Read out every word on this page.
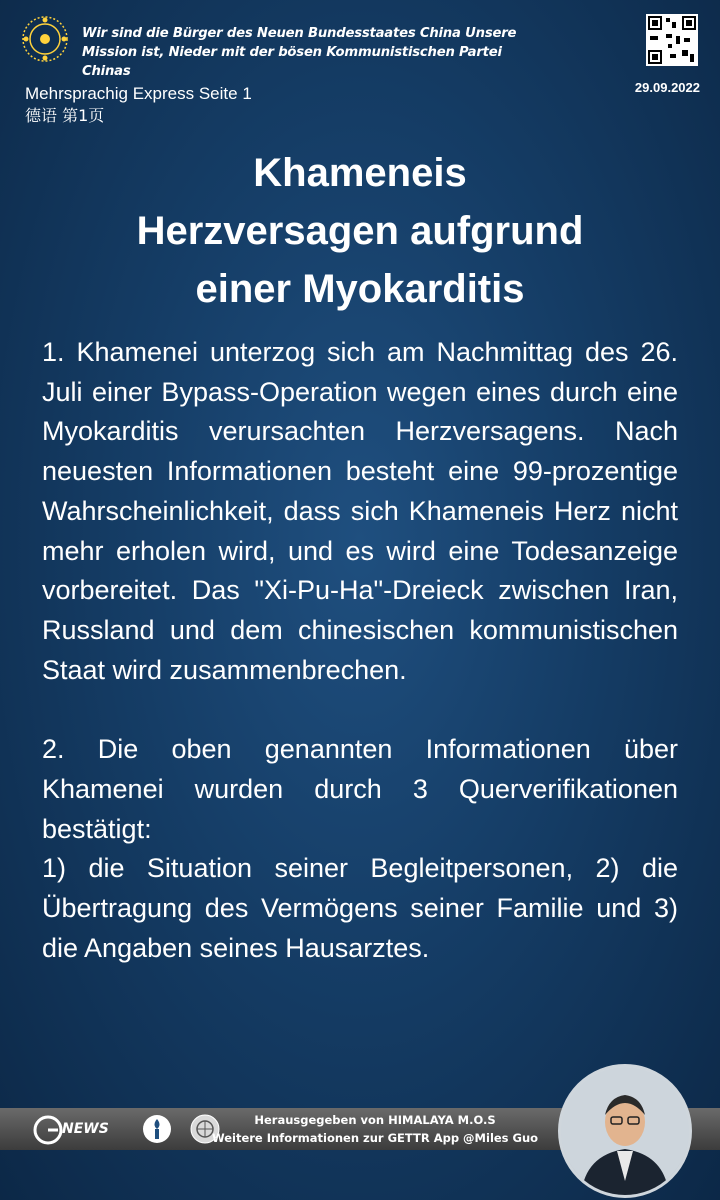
Wir sind die Bürger des Neuen Bundesstaates China Unsere
Mission ist, Nieder mit der bösen Kommunistischen Partei Chinas
29.09.2022
Mehrsprachig Express Seite 1
德语 第1页
Khameneis
Herzversagen aufgrund
einer Myokarditis

1. Khamenei unterzog sich am Nachmittag des 26. Juli einer Bypass-Operation wegen eines durch eine Myokarditis verursachten Herzversagens. Nach neuesten Informationen besteht eine 99-prozentige Wahrscheinlichkeit, dass sich Khameneis Herz nicht mehr erholen wird, und es wird eine Todesanzeige vorbereitet. Das "Xi-Pu-Ha"-Dreieck zwischen Iran, Russland und dem chinesischen kommunistischen Staat wird zusammenbrechen.

2. Die oben genannten Informationen über Khamenei wurden durch 3 Querverifikationen bestätigt:

1) die Situation seiner Begleitpersonen, 2) die Übertragung des Vermögens seiner Familie und 3) die Angaben seines Hausarztes.

NEWS
Herausgegeben von HIMALAYA M.O.S
Weitere Informationen zur GETTR App @Miles Guo
